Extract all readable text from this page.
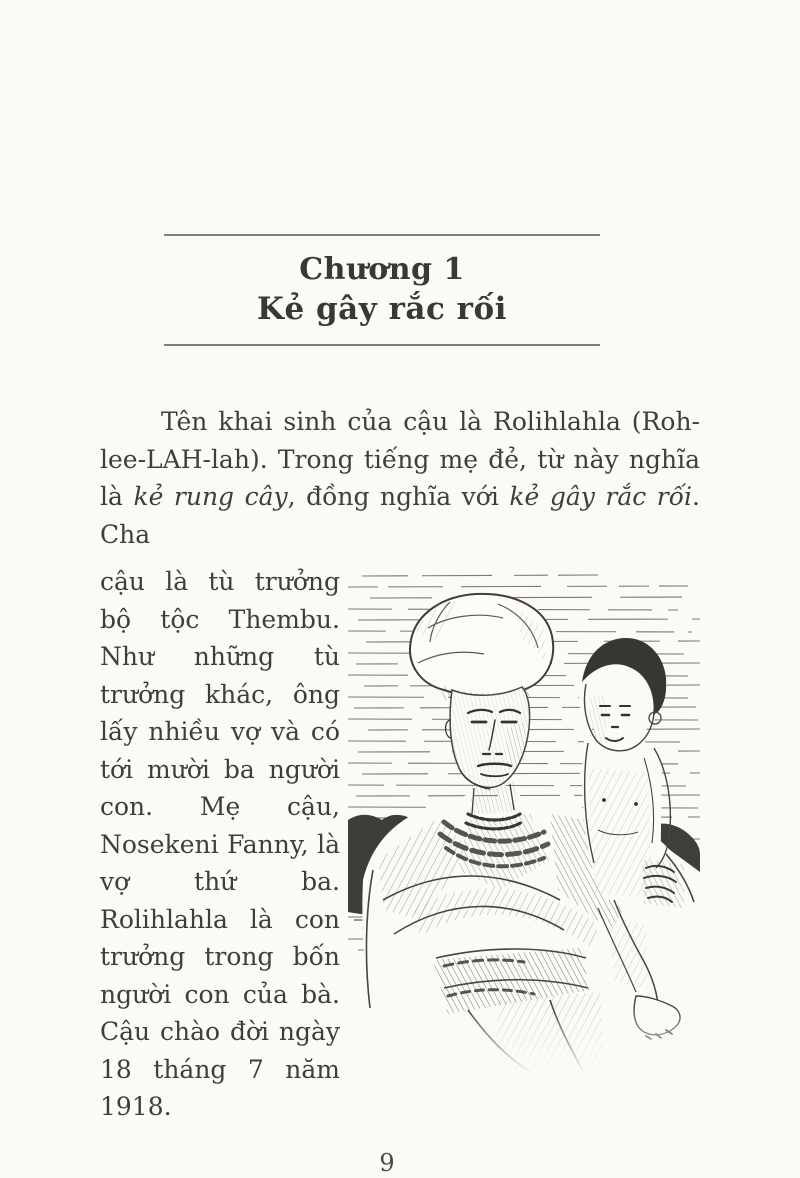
Chương 1
Kẻ gây rắc rối

Tên khai sinh của cậu là Rolihlahla (Roh-lee-LAH-lah). Trong tiếng mẹ đẻ, từ này nghĩa là kẻ rung cây, đồng nghĩa với kẻ gây rắc rối. Cha

cậu là tù trưởng bộ tộc Thembu. Như những tù trưởng khác, ông lấy nhiều vợ và có tới mười ba người con. Mẹ cậu, Nosekeni Fanny, là vợ thứ ba. Rolihlahla là con trưởng trong bốn người con của bà. Cậu chào đời ngày 18 tháng 7 năm 1918.

9
